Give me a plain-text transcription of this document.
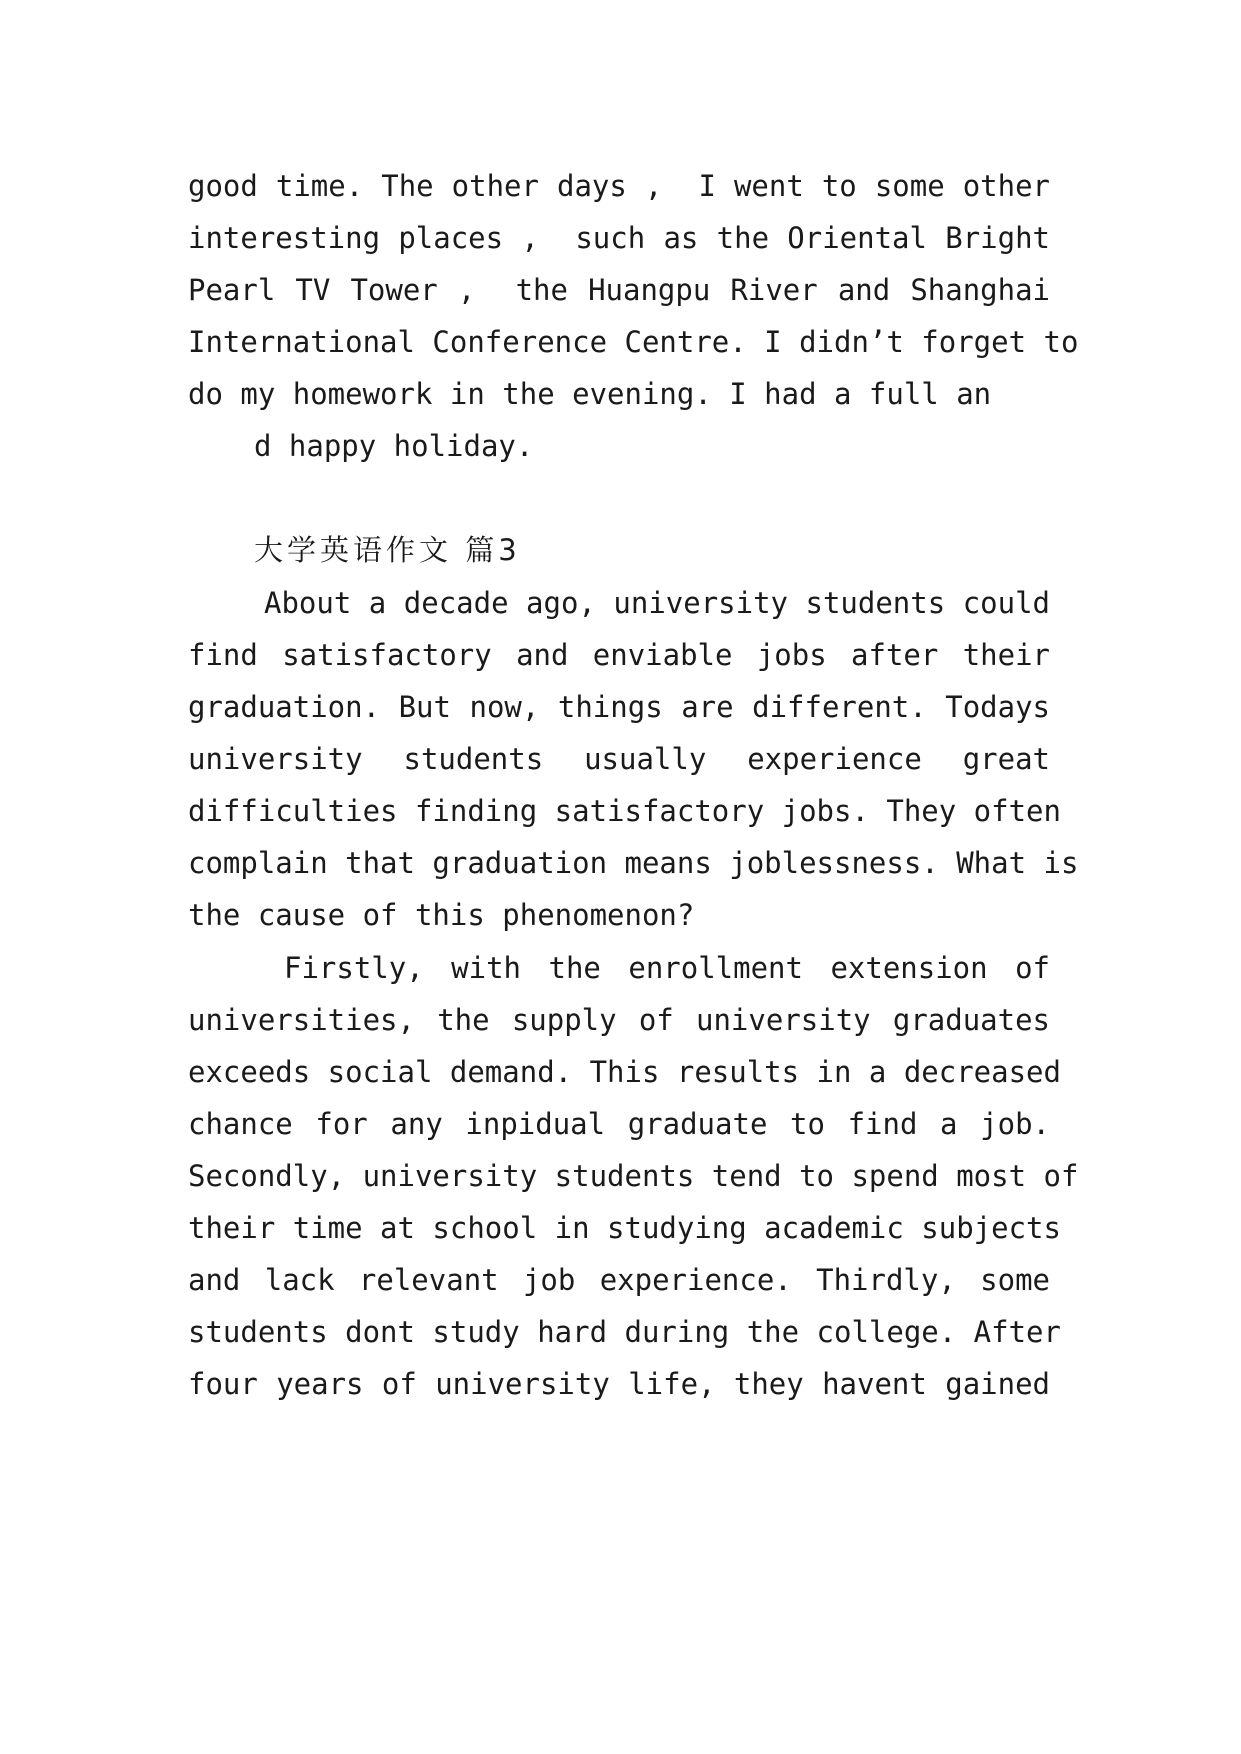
good time. The other days ,  I went to some other
interesting places ,  such as the Oriental Bright
Pearl TV Tower ,  the Huangpu River and Shanghai
International Conference Centre. I didn’t forget to
do my homework in the evening. I had a full an
d happy holiday.
大学英语作文 篇3
About a decade ago, university students could
find satisfactory and enviable jobs after their
graduation. But now, things are different. Todays
university students usually experience great
difficulties finding satisfactory jobs. They often
complain that graduation means joblessness. What is
the cause of this phenomenon?
Firstly, with the enrollment extension of
universities, the supply of university graduates
exceeds social demand. This results in a decreased
chance for any inpidual graduate to find a job.
Secondly, university students tend to spend most of
their time at school in studying academic subjects
and lack relevant job experience. Thirdly, some
students dont study hard during the college. After
four years of university life, they havent gained
